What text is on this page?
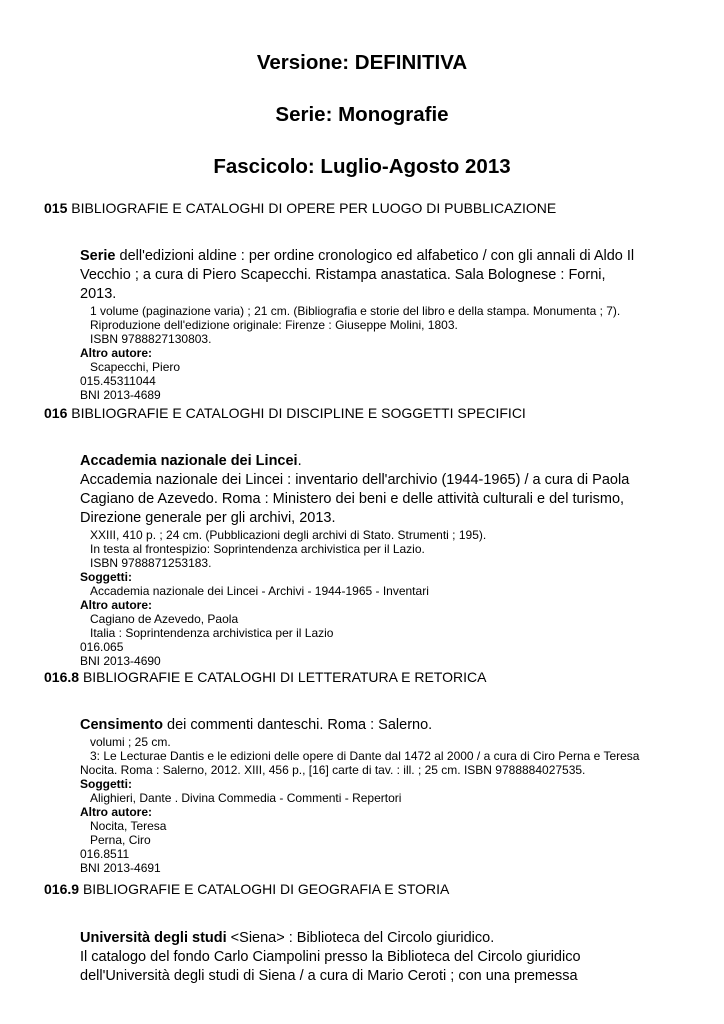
Versione: DEFINITIVA
Serie: Monografie
Fascicolo: Luglio-Agosto 2013
015 BIBLIOGRAFIE E CATALOGHI DI OPERE PER LUOGO DI PUBBLICAZIONE
Serie dell'edizioni aldine : per ordine cronologico ed alfabetico / con gli annali di Aldo Il
Vecchio ; a cura di Piero Scapecchi. Ristampa anastatica. Sala Bolognese : Forni,
2013.
1 volume (paginazione varia) ; 21 cm. (Bibliografia e storie del libro e della stampa. Monumenta ; 7).
Riproduzione dell'edizione originale: Firenze : Giuseppe Molini, 1803.
ISBN 9788827130803.
Altro autore:
Scapecchi, Piero
015.45311044
BNI 2013-4689
016 BIBLIOGRAFIE E CATALOGHI DI DISCIPLINE E SOGGETTI SPECIFICI
Accademia nazionale dei Lincei.
Accademia nazionale dei Lincei : inventario dell'archivio (1944-1965) / a cura di Paola
Cagiano de Azevedo. Roma : Ministero dei beni e delle attività culturali e del turismo,
Direzione generale per gli archivi, 2013.
XXIII, 410 p. ; 24 cm. (Pubblicazioni degli archivi di Stato. Strumenti ; 195).
In testa al frontespizio: Soprintendenza archivistica per il Lazio.
ISBN 9788871253183.
Soggetti:
Accademia nazionale dei Lincei - Archivi - 1944-1965 - Inventari
Altro autore:
Cagiano de Azevedo, Paola
Italia : Soprintendenza archivistica per il Lazio
016.065
BNI 2013-4690
016.8 BIBLIOGRAFIE E CATALOGHI DI LETTERATURA E RETORICA
Censimento dei commenti danteschi. Roma : Salerno.
volumi ; 25 cm.
3: Le Lecturae Dantis e le edizioni delle opere di Dante dal 1472 al 2000 / a cura di Ciro Perna e Teresa
Nocita. Roma : Salerno, 2012. XIII, 456 p., [16] carte di tav. : ill. ; 25 cm. ISBN 9788884027535.
Soggetti:
Alighieri, Dante . Divina Commedia - Commenti - Repertori
Altro autore:
Nocita, Teresa
Perna, Ciro
016.8511
BNI 2013-4691
016.9 BIBLIOGRAFIE E CATALOGHI DI GEOGRAFIA E STORIA
Università degli studi <Siena> : Biblioteca del Circolo giuridico.
Il catalogo del fondo Carlo Ciampolini presso la Biblioteca del Circolo giuridico
dell'Università degli studi di Siena / a cura di Mario Ceroti ; con una premessa
